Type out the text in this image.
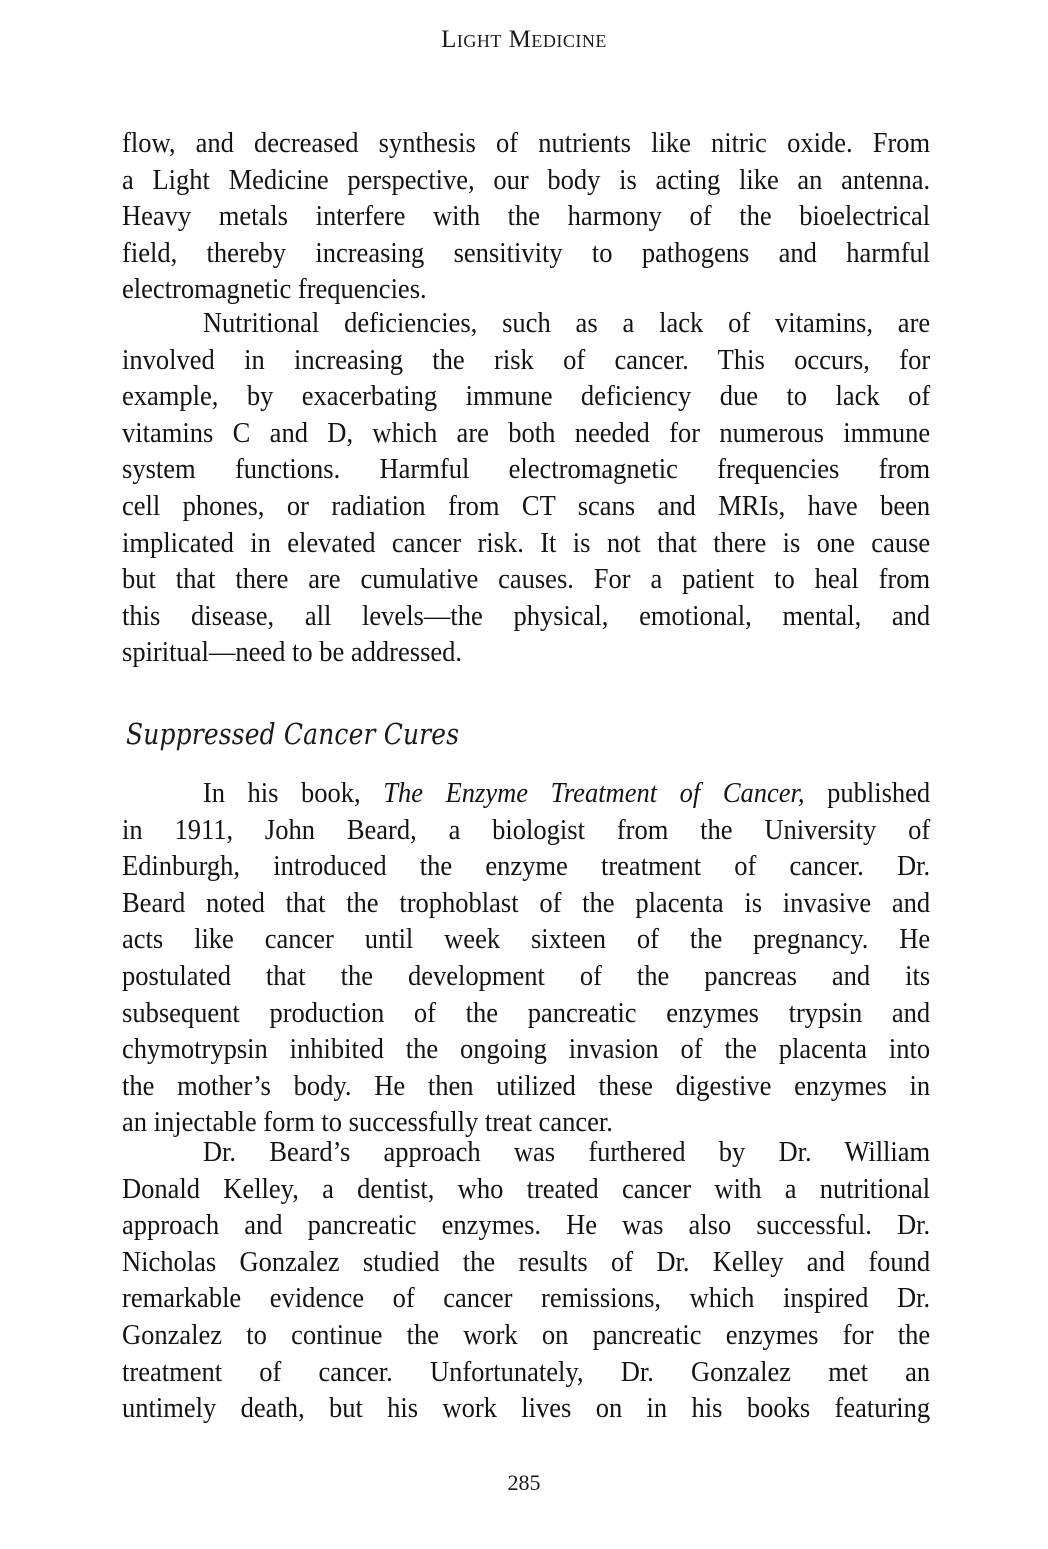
Light Medicine
flow, and decreased synthesis of nutrients like nitric oxide. From
a Light Medicine perspective, our body is acting like an antenna.
Heavy metals interfere with the harmony of the bioelectrical
field, thereby increasing sensitivity to pathogens and harmful
electromagnetic frequencies.
Nutritional deficiencies, such as a lack of vitamins, are
involved in increasing the risk of cancer. This occurs, for
example, by exacerbating immune deficiency due to lack of
vitamins C and D, which are both needed for numerous immune
system functions. Harmful electromagnetic frequencies from
cell phones, or radiation from CT scans and MRIs, have been
implicated in elevated cancer risk. It is not that there is one cause
but that there are cumulative causes. For a patient to heal from
this disease, all levels—the physical, emotional, mental, and
spiritual—need to be addressed.
Suppressed Cancer Cures
In his book, The Enzyme Treatment of Cancer, published
in 1911, John Beard, a biologist from the University of
Edinburgh, introduced the enzyme treatment of cancer. Dr.
Beard noted that the trophoblast of the placenta is invasive and
acts like cancer until week sixteen of the pregnancy. He
postulated that the development of the pancreas and its
subsequent production of the pancreatic enzymes trypsin and
chymotrypsin inhibited the ongoing invasion of the placenta into
the mother’s body. He then utilized these digestive enzymes in
an injectable form to successfully treat cancer.
Dr. Beard’s approach was furthered by Dr. William
Donald Kelley, a dentist, who treated cancer with a nutritional
approach and pancreatic enzymes. He was also successful. Dr.
Nicholas Gonzalez studied the results of Dr. Kelley and found
remarkable evidence of cancer remissions, which inspired Dr.
Gonzalez to continue the work on pancreatic enzymes for the
treatment of cancer. Unfortunately, Dr. Gonzalez met an
untimely death, but his work lives on in his books featuring
285
